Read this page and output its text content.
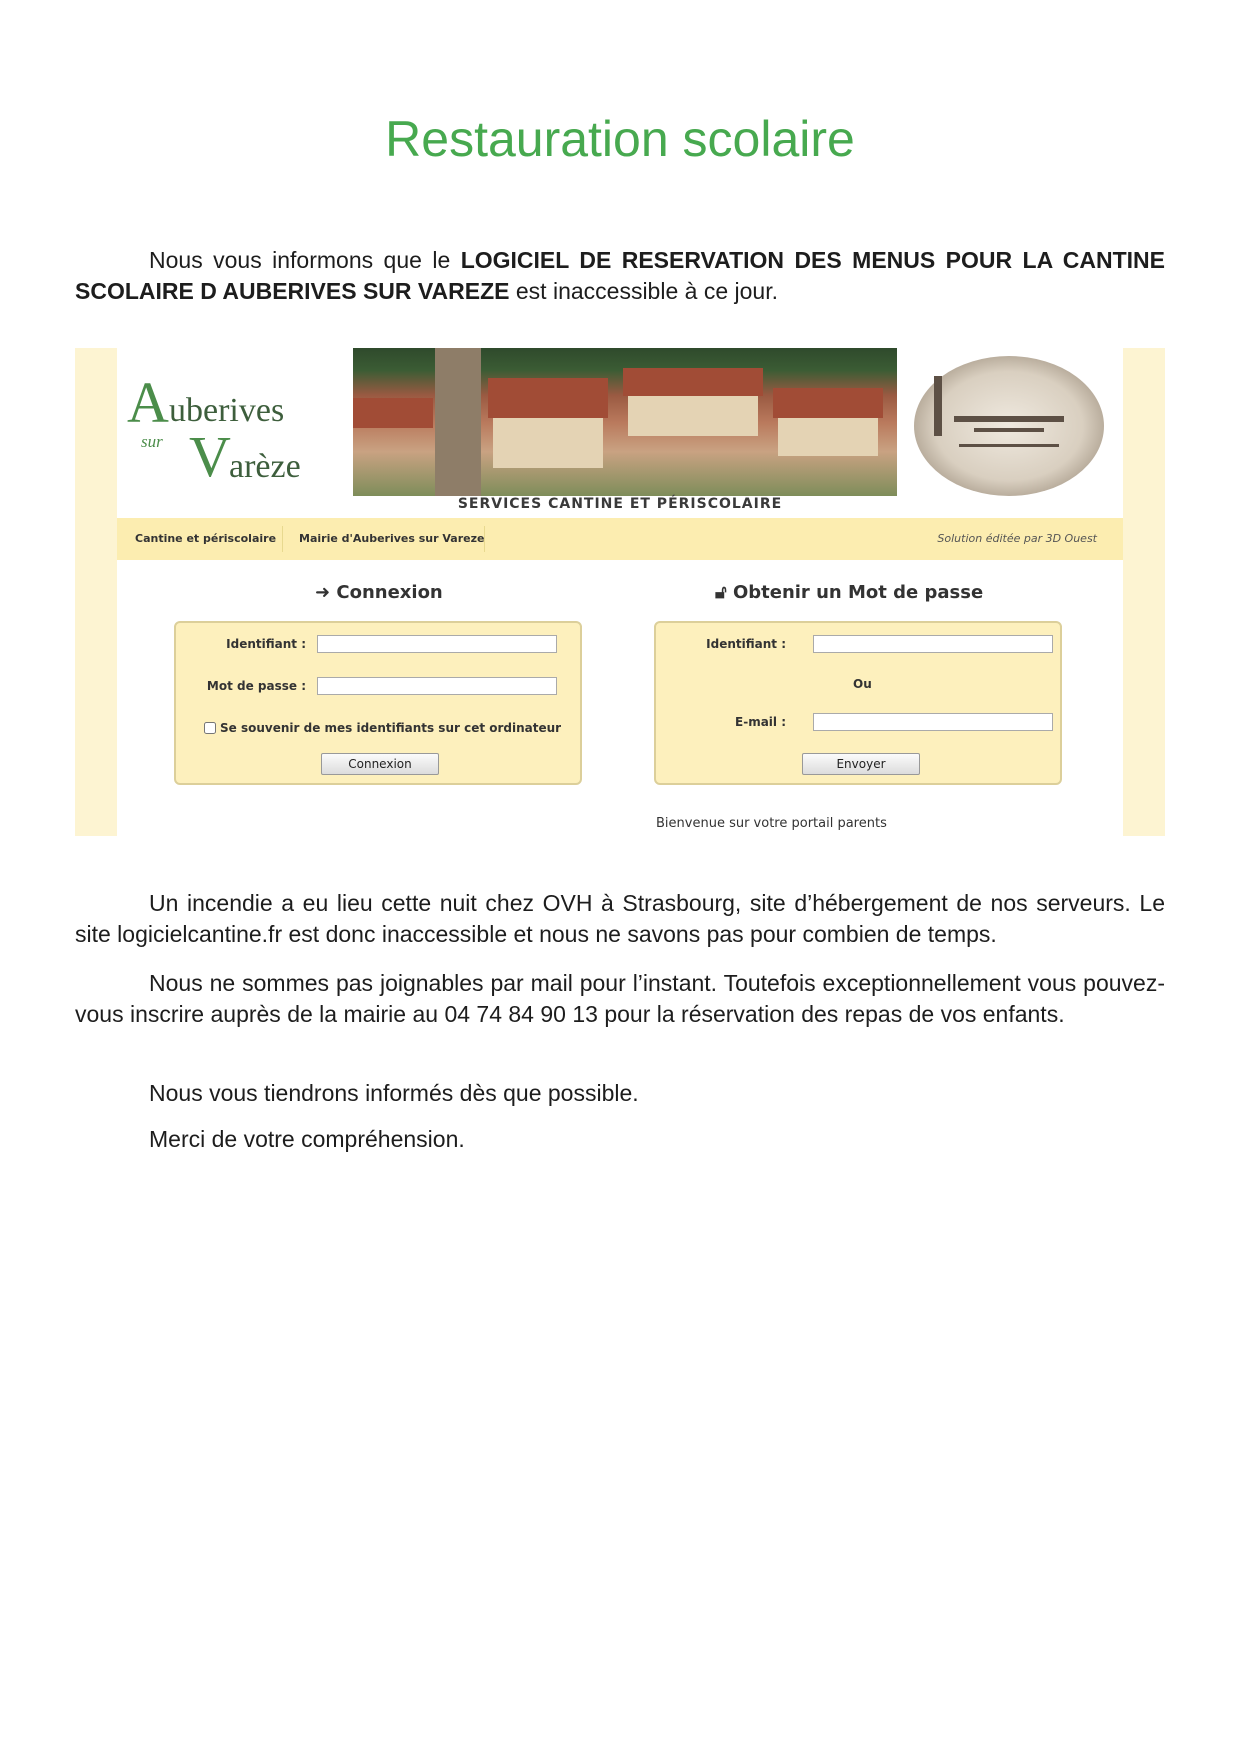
Restauration scolaire

Nous vous informons que le LOGICIEL DE RESERVATION DES MENUS POUR LA CANTINE SCOLAIRE D AUBERIVES SUR VAREZE est inaccessible à ce jour.

A uberives
sur V
arèze
SERVICES CANTINE ET PÉRISCOLAIRE
Cantine et périscolaire Mairie d'Auberives sur Vareze	Solution éditée par 3D Ouest
➜ Connexion
Identifiant :
Mot de passe :
Se souvenir de mes identifiants sur cet ordinateur
Connexion
🔓︎ Obtenir un Mot de passe
Identifiant :
Ou
E-mail :
Envoyer
Bienvenue sur votre portail parents

Un incendie a eu lieu cette nuit chez OVH à Strasbourg, site d’hébergement de nos serveurs. Le site logicielcantine.fr est donc inaccessible et nous ne savons pas pour combien de temps.

Nous ne sommes pas joignables par mail pour l’instant. Toutefois exceptionnellement vous pouvez-vous inscrire auprès de la mairie au 04 74 84 90 13 pour la réservation des repas de vos enfants.

Nous vous tiendrons informés dès que possible.

Merci de votre compréhension.
